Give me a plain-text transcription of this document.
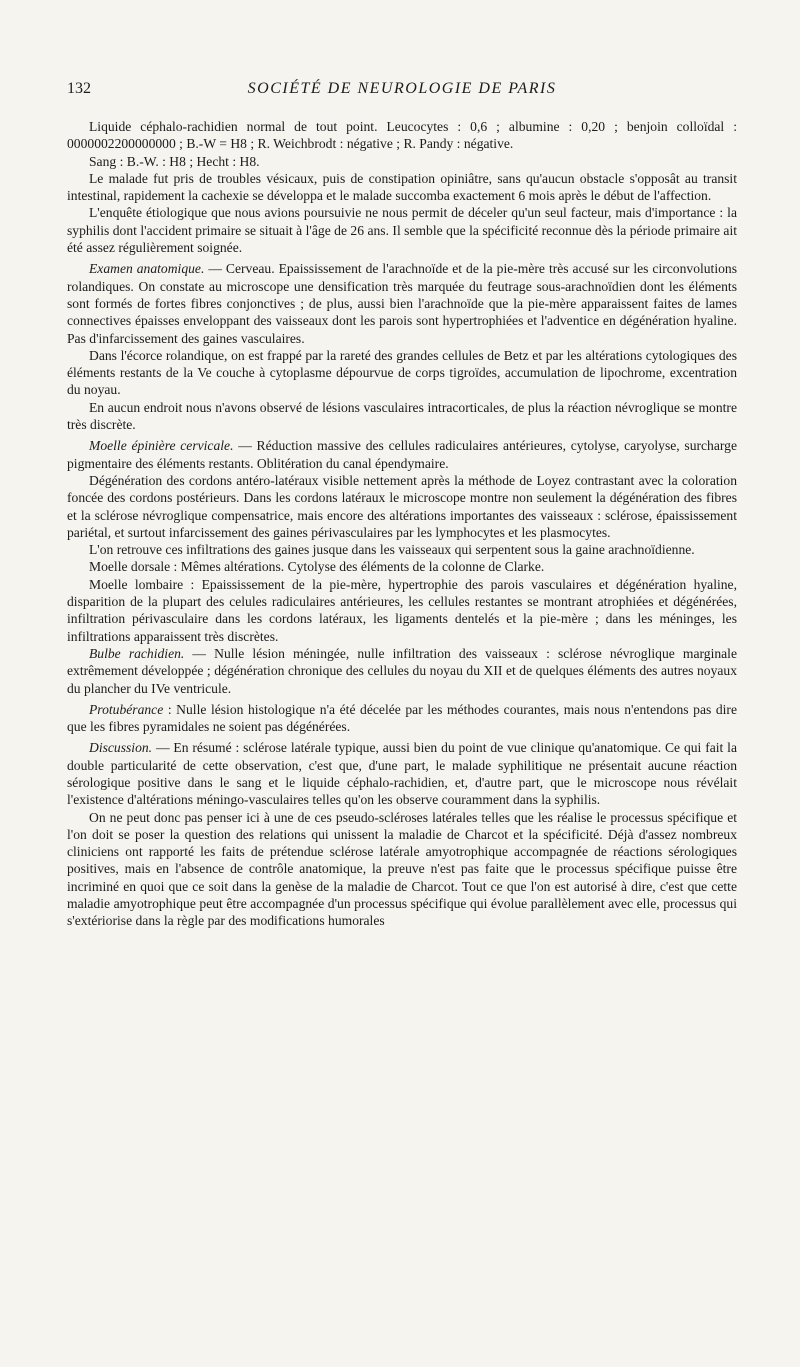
132	SOCIÉTÉ DE NEUROLOGIE DE PARIS

Liquide céphalo-rachidien normal de tout point. Leucocytes : 0,6 ; albumine : 0,20 ; benjoin colloïdal : 0000002200000000 ; B.-W = H8 ; R. Weichbrodt : négative ; R. Pandy : négative.

Sang : B.-W. : H8 ; Hecht : H8.

Le malade fut pris de troubles vésicaux, puis de constipation opiniâtre, sans qu'aucun obstacle s'opposât au transit intestinal, rapidement la cachexie se développa et le malade succomba exactement 6 mois après le début de l'affection.

L'enquête étiologique que nous avions poursuivie ne nous permit de déceler qu'un seul facteur, mais d'importance : la syphilis dont l'accident primaire se situait à l'âge de 26 ans. Il semble que la spécificité reconnue dès la période primaire ait été assez régulièrement soignée.

Examen anatomique. — Cerveau. Epaississement de l'arachnoïde et de la pie-mère très accusé sur les circonvolutions rolandiques. On constate au microscope une densification très marquée du feutrage sous-arachnoïdien dont les éléments sont formés de fortes fibres conjonctives ; de plus, aussi bien l'arachnoïde que la pie-mère apparaissent faites de lames connectives épaisses enveloppant des vaisseaux dont les parois sont hypertrophiées et l'adventice en dégénération hyaline. Pas d'infarcissement des gaines vasculaires.

Dans l'écorce rolandique, on est frappé par la rareté des grandes cellules de Betz et par les altérations cytologiques des éléments restants de la Ve couche à cytoplasme dépourvue de corps tigroïdes, accumulation de lipochrome, excentration du noyau.

En aucun endroit nous n'avons observé de lésions vasculaires intracorticales, de plus la réaction névroglique se montre très discrète.

Moelle épinière cervicale. — Réduction massive des cellules radiculaires antérieures, cytolyse, caryolyse, surcharge pigmentaire des éléments restants. Oblitération du canal épendymaire.

Dégénération des cordons antéro-latéraux visible nettement après la méthode de Loyez contrastant avec la coloration foncée des cordons postérieurs. Dans les cordons latéraux le microscope montre non seulement la dégénération des fibres et la sclérose névroglique compensatrice, mais encore des altérations importantes des vaisseaux : sclérose, épaississement pariétal, et surtout infarcissement des gaines périvasculaires par les lymphocytes et les plasmocytes.

L'on retrouve ces infiltrations des gaines jusque dans les vaisseaux qui serpentent sous la gaine arachnoïdienne.

Moelle dorsale : Mêmes altérations. Cytolyse des éléments de la colonne de Clarke.

Moelle lombaire : Epaississement de la pie-mère, hypertrophie des parois vasculaires et dégénération hyaline, disparition de la plupart des celules radiculaires antérieures, les cellules restantes se montrant atrophiées et dégénérées, infiltration périvasculaire dans les cordons latéraux, les ligaments dentelés et la pie-mère ; dans les méninges, les infiltrations apparaissent très discrètes.

Bulbe rachidien. — Nulle lésion méningée, nulle infiltration des vaisseaux : sclérose névroglique marginale extrêmement développée ; dégénération chronique des cellules du noyau du XII et de quelques éléments des autres noyaux du plancher du IVe ventricule.

Protubérance : Nulle lésion histologique n'a été décelée par les méthodes courantes, mais nous n'entendons pas dire que les fibres pyramidales ne soient pas dégénérées.

Discussion. — En résumé : sclérose latérale typique, aussi bien du point de vue clinique qu'anatomique. Ce qui fait la double particularité de cette observation, c'est que, d'une part, le malade syphilitique ne présentait aucune réaction sérologique positive dans le sang et le liquide céphalo-rachidien, et, d'autre part, que le microscope nous révélait l'existence d'altérations méningo-vasculaires telles qu'on les observe couramment dans la syphilis.

On ne peut donc pas penser ici à une de ces pseudo-scléroses latérales telles que les réalise le processus spécifique et l'on doit se poser la question des relations qui unissent la maladie de Charcot et la spécificité. Déjà d'assez nombreux cliniciens ont rapporté les faits de prétendue sclérose latérale amyotrophique accompagnée de réactions sérologiques positives, mais en l'absence de contrôle anatomique, la preuve n'est pas faite que le processus spécifique puisse être incriminé en quoi que ce soit dans la genèse de la maladie de Charcot. Tout ce que l'on est autorisé à dire, c'est que cette maladie amyotrophique peut être accompagnée d'un processus spécifique qui évolue parallèlement avec elle, processus qui s'extériorise dans la règle par des modifications humorales
